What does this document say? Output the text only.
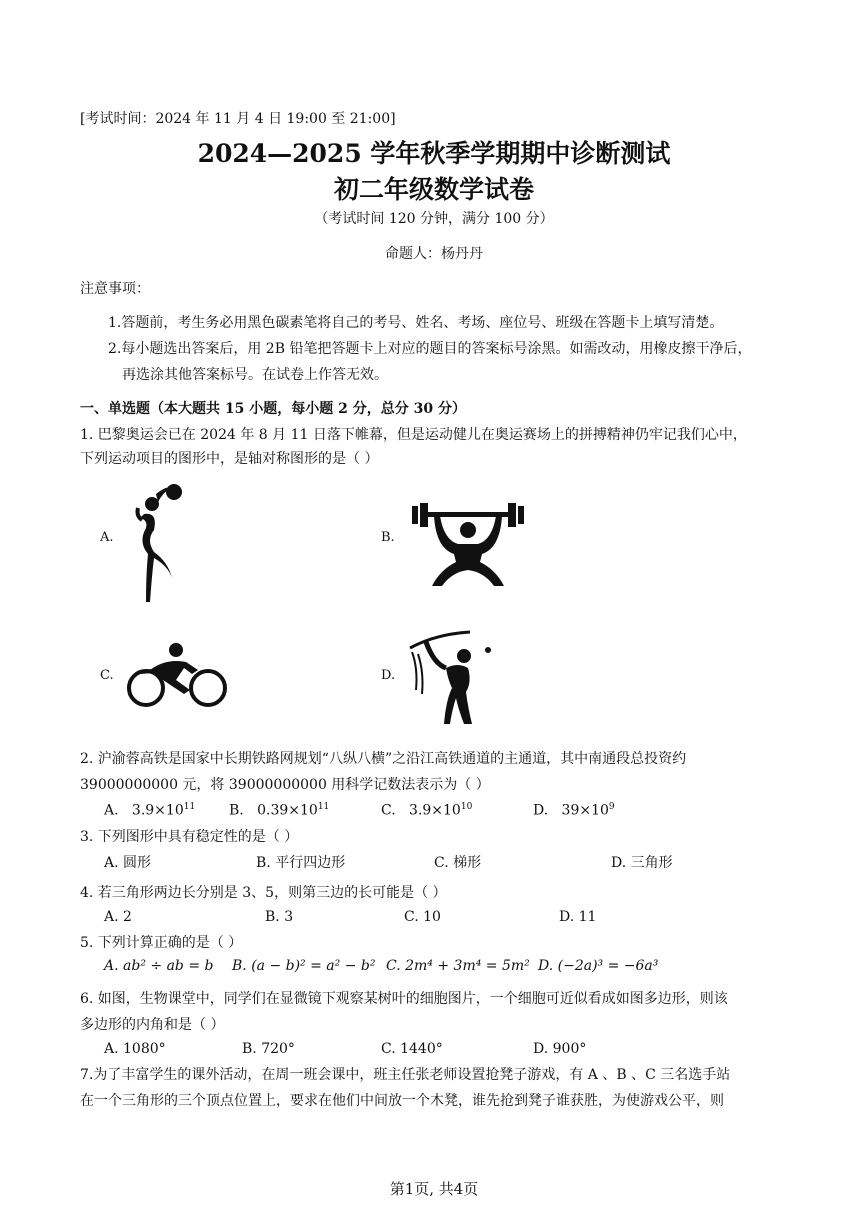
[考试时间：2024 年 11 月 4 日 19:00 至 21:00]
2024—2025 学年秋季学期期中诊断测试
初二年级数学试卷
（考试时间 120 分钟，满分 100 分）
命题人：杨丹丹
注意事项：
1.答题前，考生务必用黑色碳素笔将自己的考号、姓名、考场、座位号、班级在答题卡上填写清楚。
2.每小题选出答案后，用 2B 铅笔把答题卡上对应的题目的答案标号涂黑。如需改动，用橡皮擦干净后，
再选涂其他答案标号。在试卷上作答无效。
一、单选题（本大题共 15 小题，每小题 2 分，总分 30 分）
1. 巴黎奥运会已在 2024 年 8 月 11 日落下帷幕，但是运动健儿在奥运赛场上的拼搏精神仍牢记我们心中，
下列运动项目的图形中，是轴对称图形的是（ ）
A.	B.
C.	D.
2. 沪渝蓉高铁是国家中长期铁路网规划“八纵八横”之沿江高铁通道的主通道，其中南通段总投资约
39000000000 元，将 39000000000 用科学记数法表示为（ ）
A. $3.9\times 10^{11}$ B. $0.39\times 10^{11}$	C. $3.9\times 10^{10}$	D. $39\times 10^9$
3. 下列图形中具有稳定性的是（ ）
A. 圆形	B. 平行四边形	C. 梯形	D. 三角形
4. 若三角形两边长分别是 3、5，则第三边的长可能是（ ）
A. 2	B. 3	C. 10	D. 11
5. 下列计算正确的是（ ）
A. ab² ÷ ab = b B. (a − b)² = a² − b² C. 2m⁴ + 3m⁴ = 5m² D. (−2a)³ = −6a³
6. 如图，生物课堂中，同学们在显微镜下观察某树叶的细胞图片，一个细胞可近似看成如图多边形，则该
多边形的内角和是（ ）
A. 1080°	B. 720°	C. 1440°	D. 900°
7.为了丰富学生的课外活动，在周一班会课中，班主任张老师设置抢凳子游戏，有 A 、B 、C 三名选手站
在一个三角形的三个顶点位置上，要求在他们中间放一个木凳，谁先抢到凳子谁获胜，为使游戏公平，则
第1页, 共4页
